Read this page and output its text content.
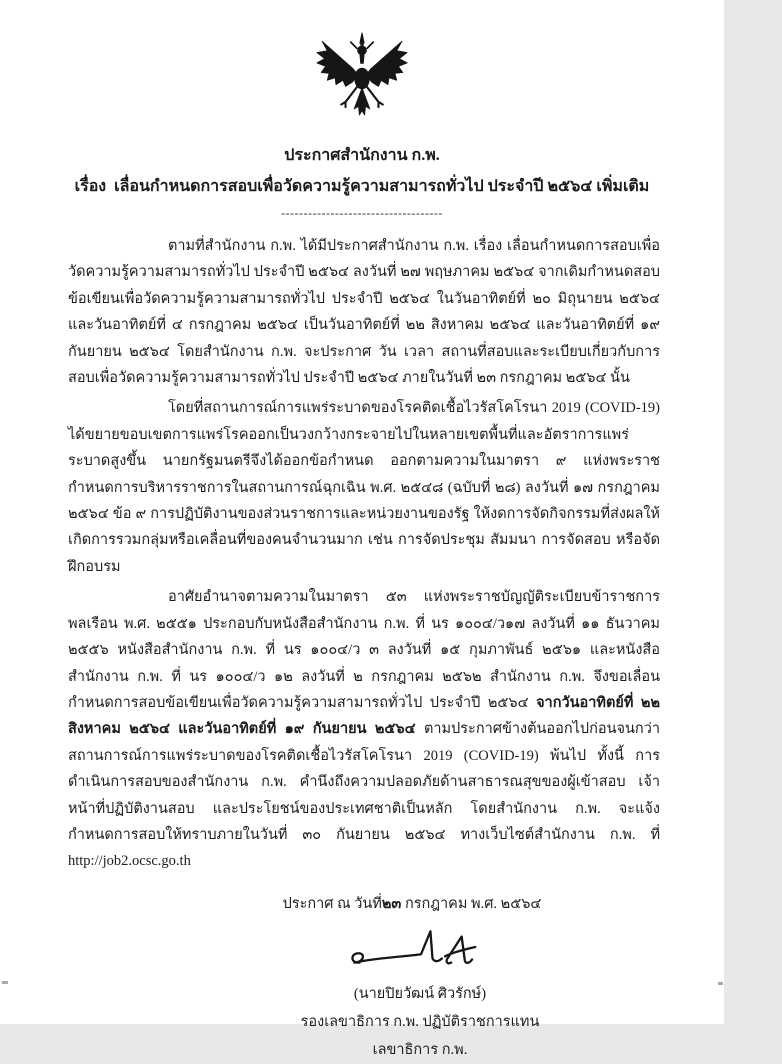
ประกาศสำนักงาน ก.พ.
เรื่อง  เลื่อนกำหนดการสอบเพื่อวัดความรู้ความสามารถทั่วไป ประจำปี ๒๕๖๔ เพิ่มเติม
------------------------------------

ตามที่สำนักงาน ก.พ. ได้มีประกาศสำนักงาน ก.พ. เรื่อง เลื่อนกำหนดการสอบเพื่อวัดความรู้ความสามารถทั่วไป ประจำปี ๒๕๖๔ ลงวันที่ ๒๗ พฤษภาคม ๒๕๖๔ จากเดิมกำหนดสอบข้อเขียนเพื่อวัดความรู้ความสามารถทั่วไป ประจำปี ๒๕๖๔ ในวันอาทิตย์ที่ ๒๐ มิถุนายน ๒๕๖๔ และวันอาทิตย์ที่ ๔ กรกฎาคม ๒๕๖๔ เป็นวันอาทิตย์ที่ ๒๒ สิงหาคม ๒๕๖๔ และวันอาทิตย์ที่ ๑๙ กันยายน ๒๕๖๔ โดยสำนักงาน ก.พ. จะประกาศ วัน เวลา สถานที่สอบและระเบียบเกี่ยวกับการสอบเพื่อวัดความรู้ความสามารถทั่วไป ประจำปี ๒๕๖๔ ภายในวันที่ ๒๓ กรกฎาคม ๒๕๖๔ นั้น

โดยที่สถานการณ์การแพร่ระบาดของโรคติดเชื้อไวรัสโคโรนา 2019 (COVID-19) ได้ขยายขอบเขตการแพร่โรคออกเป็นวงกว้างกระจายไปในหลายเขตพื้นที่และอัตราการแพร่ระบาดสูงขึ้น นายกรัฐมนตรีจึงได้ออกข้อกำหนด ออกตามความในมาตรา ๙ แห่งพระราชกำหนดการบริหารราชการในสถานการณ์ฉุกเฉิน พ.ศ. ๒๕๔๘ (ฉบับที่ ๒๘) ลงวันที่ ๑๗ กรกฎาคม ๒๕๖๔ ข้อ ๙ การปฏิบัติงานของส่วนราชการและหน่วยงานของรัฐ ให้งดการจัดกิจกรรมที่ส่งผลให้เกิดการรวมกลุ่มหรือเคลื่อนที่ของคนจำนวนมาก เช่น การจัดประชุม สัมมนา การจัดสอบ หรือจัดฝึกอบรม

อาศัยอำนาจตามความในมาตรา ๕๓ แห่งพระราชบัญญัติระเบียบข้าราชการพลเรือน พ.ศ. ๒๕๕๑ ประกอบกับหนังสือสำนักงาน ก.พ. ที่ นร ๑๐๐๔/ว๑๗ ลงวันที่ ๑๑ ธันวาคม ๒๕๕๖ หนังสือสำนักงาน ก.พ. ที่ นร ๑๐๐๔/ว ๓ ลงวันที่ ๑๕ กุมภาพันธ์ ๒๕๖๑ และหนังสือสำนักงาน ก.พ. ที่ นร ๑๐๐๔/ว ๑๒ ลงวันที่ ๒ กรกฎาคม ๒๕๖๒ สำนักงาน ก.พ. จึงขอเลื่อนกำหนดการสอบข้อเขียนเพื่อวัดความรู้ความสามารถทั่วไป ประจำปี ๒๕๖๔ จากวันอาทิตย์ที่ ๒๒ สิงหาคม ๒๕๖๔ และวันอาทิตย์ที่ ๑๙ กันยายน ๒๕๖๔ ตามประกาศข้างต้นออกไปก่อนจนกว่าสถานการณ์การแพร่ระบาดของโรคติดเชื้อไวรัสโคโรนา 2019 (COVID-19) พ้นไป ทั้งนี้ การดำเนินการสอบของสำนักงาน ก.พ. คำนึงถึงความปลอดภัยด้านสาธารณสุขของผู้เข้าสอบ เจ้าหน้าที่ปฏิบัติงานสอบ และประโยชน์ของประเทศชาติเป็นหลัก โดยสำนักงาน ก.พ. จะแจ้งกำหนดการสอบให้ทราบภายในวันที่ ๓๐ กันยายน ๒๕๖๔ ทางเว็บไซต์สำนักงาน ก.พ. ที่ http://job2.ocsc.go.th

ประกาศ ณ วันที่๒๓ กรกฎาคม พ.ศ. ๒๕๖๔
(นายปิยวัฒน์ ศิวรักษ์)
รองเลขาธิการ ก.พ. ปฏิบัติราชการแทน
เลขาธิการ ก.พ.
